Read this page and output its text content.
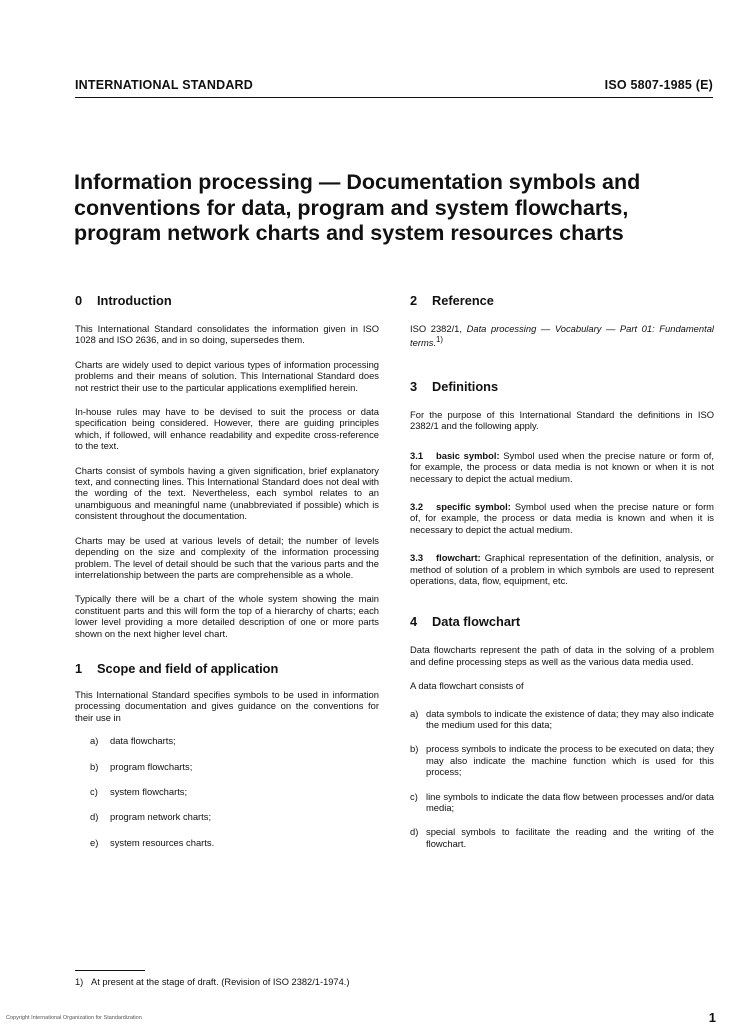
INTERNATIONAL STANDARD	ISO 5807-1985 (E)
Information processing — Documentation symbols and conventions for data, program and system flowcharts, program network charts and system resources charts
0 Introduction

This International Standard consolidates the information given in ISO 1028 and ISO 2636, and in so doing, supersedes them.

Charts are widely used to depict various types of information processing problems and their means of solution. This International Standard does not restrict their use to the particular applications exemplified herein.

In-house rules may have to be devised to suit the process or data specification being considered. However, there are guiding principles which, if followed, will enhance readability and expedite cross-reference to the text.

Charts consist of symbols having a given signification, brief explanatory text, and connecting lines. This International Standard does not deal with the wording of the text. Nevertheless, each symbol relates to an unambiguous and meaningful name (unabbreviated if possible) which is consistent throughout the documentation.

Charts may be used at various levels of detail; the number of levels depending on the size and complexity of the information processing problem. The level of detail should be such that the various parts and the interrelationship between the parts are comprehensible as a whole.

Typically there will be a chart of the whole system showing the main constituent parts and this will form the top of a hierarchy of charts; each lower level providing a more detailed description of one or more parts shown on the next higher level chart.

1 Scope and field of application

This International Standard specifies symbols to be used in information processing documentation and gives guidance on the conventions for their use in

a) data flowcharts;
b) program flowcharts;
c) system flowcharts;
d) program network charts;
e) system resources charts.
2 Reference

ISO 2382/1, Data processing — Vocabulary — Part 01: Fundamental terms.$^{1)}$

3 Definitions

For the purpose of this International Standard the definitions in ISO 2382/1 and the following apply.

3.1 basic symbol: Symbol used when the precise nature or form of, for example, the process or data media is not known or when it is not necessary to depict the actual medium.

3.2 specific symbol: Symbol used when the precise nature or form of, for example, the process or data media is known and when it is necessary to depict the actual medium.

3.3 flowchart: Graphical representation of the definition, analysis, or method of solution of a problem in which symbols are used to represent operations, data, flow, equipment, etc.

4 Data flowchart

Data flowcharts represent the path of data in the solving of a problem and define processing steps as well as the various data media used.

A data flowchart consists of

a) data symbols to indicate the existence of data; they may also indicate the medium used for this data;
b) process symbols to indicate the process to be executed on data; they may also indicate the machine function which is used for this process;
c) line symbols to indicate the data flow between processes and/or data media;
d) special symbols to facilitate the reading and the writing of the flowchart.
1) At present at the stage of draft. (Revision of ISO 2382/1-1974.)
Copyright International Organization for Standardization	1
